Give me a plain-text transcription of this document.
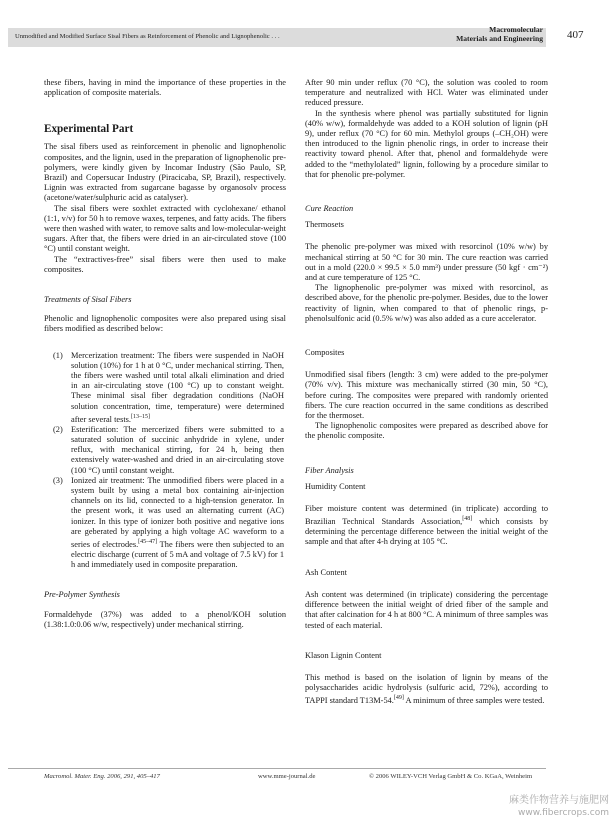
Unmodified and Modified Surface Sisal Fibers as Reinforcement of Phenolic and Lignophenolic . . .
Macromolecular
Materials and Engineering 407

these fibers, having in mind the importance of these properties in the application of composite materials.

Experimental Part

The sisal fibers used as reinforcement in phenolic and lignophenolic composites, and the lignin, used in the preparation of lignophenolic pre-polymers, were kindly given by Incomar Industry (São Paulo, SP, Brazil) and Copersucar Industry (Piracicaba, SP, Brazil), respectively. Lignin was extracted from sugarcane bagasse by organosolv process (acetone/water/sulphuric acid as catalyser).

The sisal fibers were soxhlet extracted with cyclohexane/ ethanol (1:1, v/v) for 50 h to remove waxes, terpenes, and fatty acids. The fibers were then washed with water, to remove salts and low-molecular-weight sugars. After that, the fibers were dried in an air-circulated stove (100 °C) until constant weight.

The “extractives-free” sisal fibers were then used to make composites.

Treatments of Sisal Fibers

Phenolic and lignophenolic composites were also prepared using sisal fibers modified as described below:

(1) Mercerization treatment: The fibers were suspended in NaOH solution (10%) for 1 h at 0 °C, under mechanical stirring. Then, the fibers were washed until total alkali elimination and dried in an air-circulating stove (100 °C) up to constant weight. These minimal sisal fiber degradation conditions (NaOH solution concentration, time, temperature) were determined after several tests.[13–15]
(2) Esterification: The mercerized fibers were submitted to a saturated solution of succinic anhydride in xylene, under reflux, with mechanical stirring, for 24 h, being then extensively water-washed and dried in an air-circulating stove (100 °C) until constant weight.
(3) Ionized air treatment: The unmodified fibers were placed in a system built by using a metal box containing air-injection channels on its lid, connected to a high-tension generator. In the present work, it was used an alternating current (AC) ionizer. In this type of ionizer both positive and negative ions are geberated by applying a high voltage AC waveform to a series of electrodes.[45–47] The fibers were then subjected to an electric discharge (current of 5 mA and voltage of 7.5 kV) for 1 h and immediately used in composite preparation.
Pre-Polymer Synthesis

Formaldehyde (37%) was added to a phenol/KOH solution (1.38:1.0:0.06 w/w, respectively) under mechanical stirring.

After 90 min under reflux (70 °C), the solution was cooled to room temperature and neutralized with HCl. Water was eliminated under reduced pressure.

In the synthesis where phenol was partially substituted for lignin (40% w/w), formaldehyde was added to a KOH solution of lignin (pH 9), under reflux (70 °C) for 60 min. Methylol groups (–CH₂OH) were then introduced to the lignin phenolic rings, in order to increase their reactivity toward phenol. After that, phenol and formaldehyde were added to the “methylolated” lignin, following by a procedure similar to that for phenolic pre-polymer.

Cure Reaction
Thermosets

The phenolic pre-polymer was mixed with resorcinol (10% w/w) by mechanical stirring at 50 °C for 30 min. The cure reaction was carried out in a mold (220.0 × 99.5 × 5.0 mm³) under pressure (50 kgf · cm⁻²) and at cure temperature of 125 °C.

The lignophenolic pre-polymer was mixed with resorcinol, as described above, for the phenolic pre-polymer. Besides, due to the lower reactivity of lignin, when compared to that of phenolic rings, p-phenolsulfonic acid (0.5% w/w) was also added as a cure accelerator.

Composites

Unmodified sisal fibers (length: 3 cm) were added to the pre-polymer (70% v/v). This mixture was mechanically stirred (30 min, 50 °C), before curing. The composites were prepared with randomly oriented fibers. The cure reaction occurred in the same conditions as described for the thermoset.

The lignophenolic composites were prepared as described above for the phenolic composite.

Fiber Analysis
Humidity Content

Fiber moisture content was determined (in triplicate) according to Brazilian Technical Standards Association,[48] which consists by determining the percentage difference between the initial weight of the sample and that after 4-h drying at 105 °C.

Ash Content

Ash content was determined (in triplicate) considering the percentage difference between the initial weight of dried fiber of the sample and that after calcination for 4 h at 800 °C. A minimum of three samples was tested of each material.

Klason Lignin Content

This method is based on the isolation of lignin by means of the polysaccharides acidic hydrolysis (sulfuric acid, 72%), according to TAPPI standard T13M-54.[49] A minimum of three samples were tested.

Macromol. Mater. Eng. 2006, 291, 405–417	www.mme-journal.de	© 2006 WILEY-VCH Verlag GmbH & Co. KGaA, Weinheim
麻类作物营养与施肥网
www.fibercrops.com
